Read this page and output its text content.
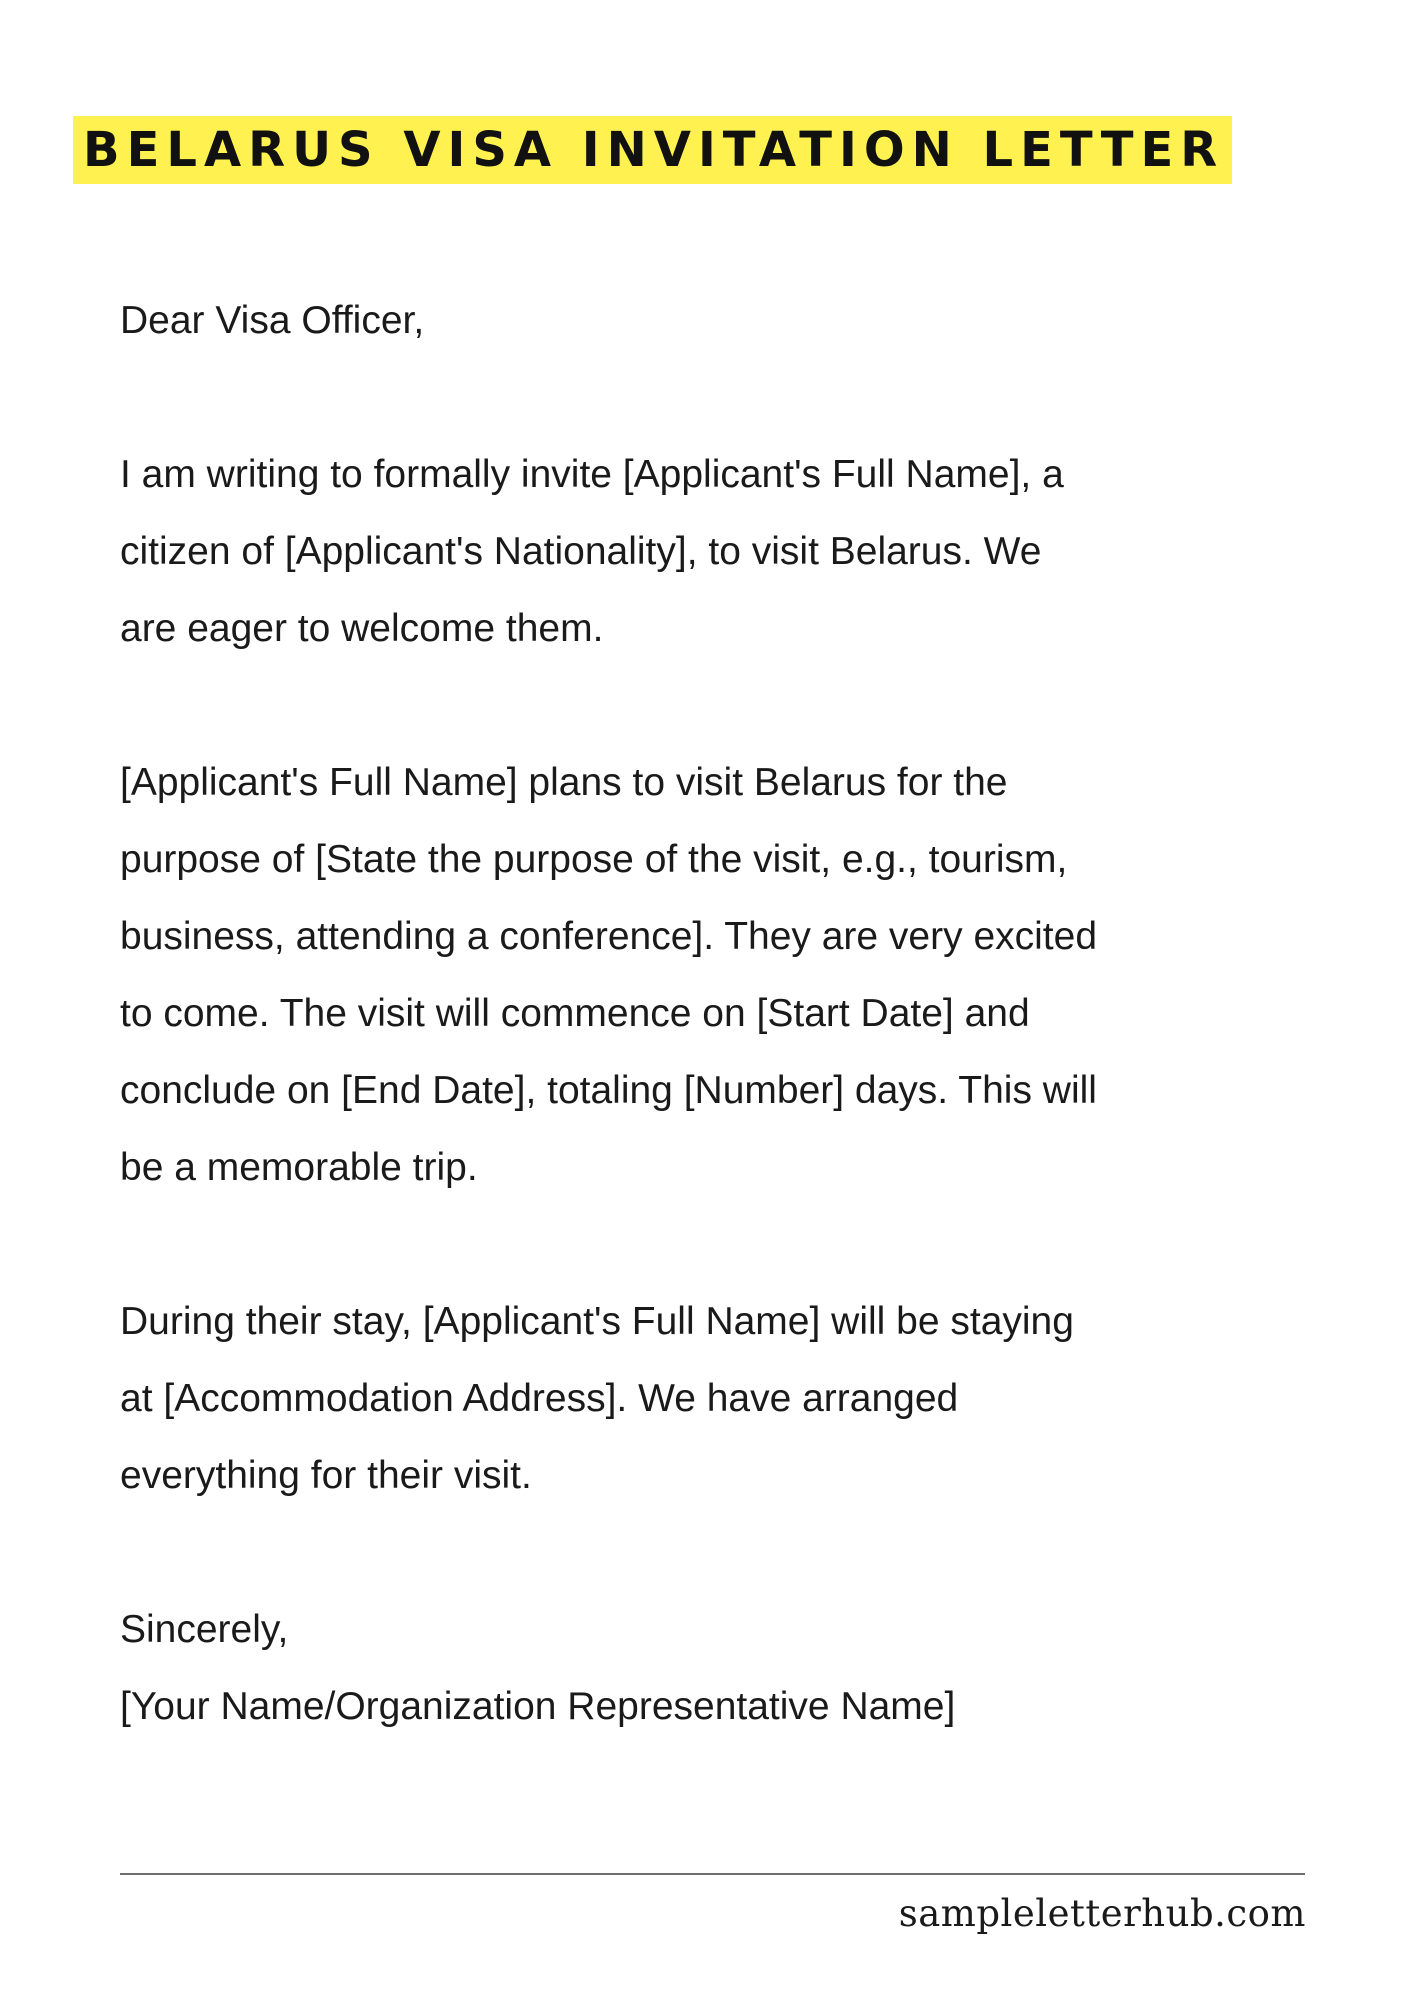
BELARUS VISA INVITATION LETTER

Dear Visa Officer,

I am writing to formally invite [Applicant's Full Name], a

citizen of [Applicant's Nationality], to visit Belarus. We

are eager to welcome them.

[Applicant's Full Name] plans to visit Belarus for the

purpose of [State the purpose of the visit, e.g., tourism,

business, attending a conference]. They are very excited

to come. The visit will commence on [Start Date] and

conclude on [End Date], totaling [Number] days. This will

be a memorable trip.

During their stay, [Applicant's Full Name] will be staying

at [Accommodation Address]. We have arranged

everything for their visit.

Sincerely,

[Your Name/Organization Representative Name]

sampleletterhub.com
